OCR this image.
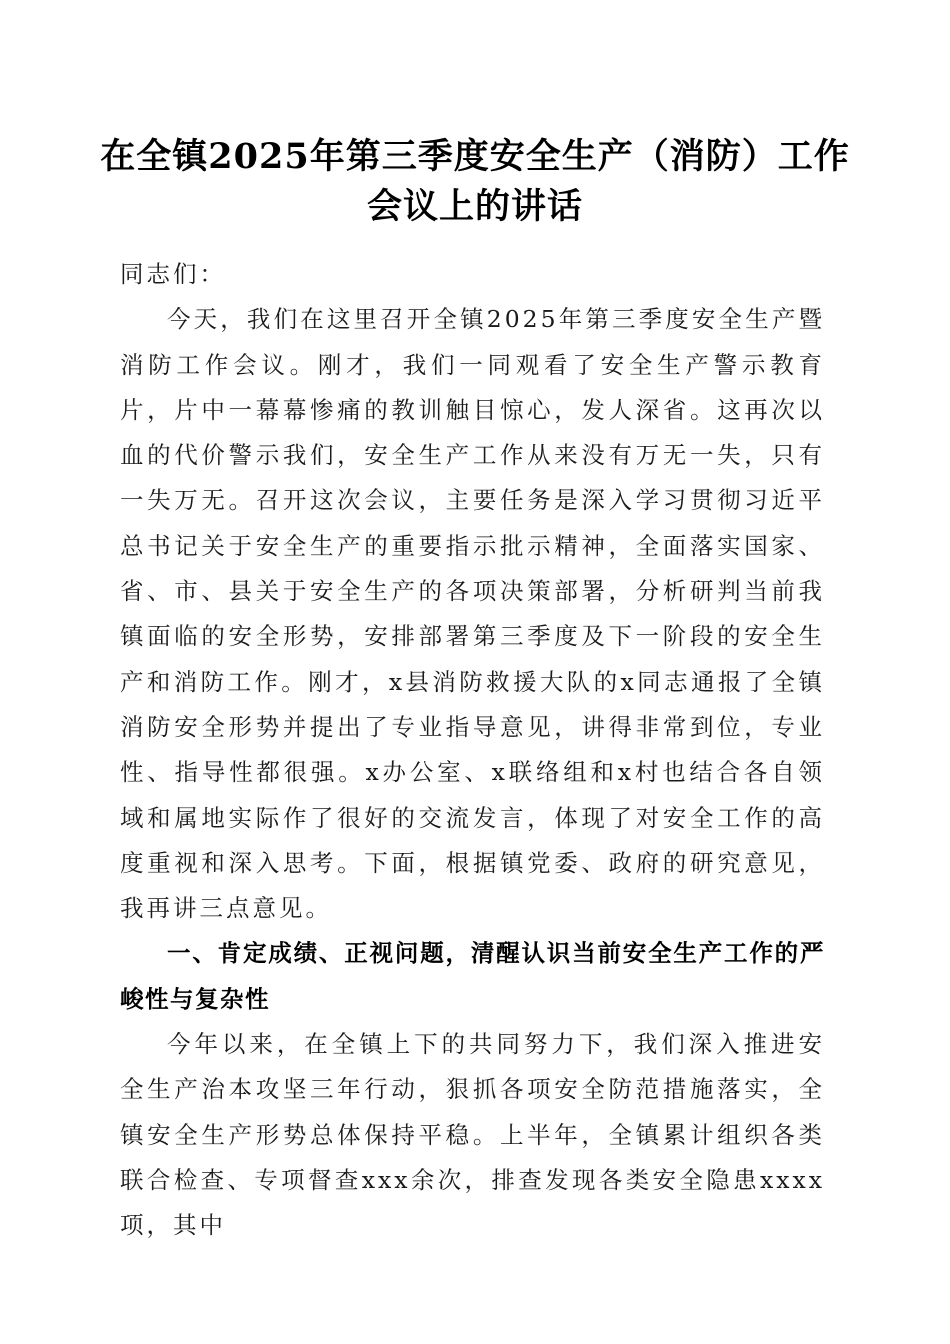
在全镇2025年第三季度安全生产（消防）工作会议上的讲话

同志们：

今天，我们在这里召开全镇2025年第三季度安全生产暨消防工作会议。刚才，我们一同观看了安全生产警示教育片，片中一幕幕惨痛的教训触目惊心，发人深省。这再次以血的代价警示我们，安全生产工作从来没有万无一失，只有一失万无。召开这次会议，主要任务是深入学习贯彻习近平总书记关于安全生产的重要指示批示精神，全面落实国家、省、市、县关于安全生产的各项决策部署，分析研判当前我镇面临的安全形势，安排部署第三季度及下一阶段的安全生产和消防工作。刚才，x县消防救援大队的x同志通报了全镇消防安全形势并提出了专业指导意见，讲得非常到位，专业性、指导性都很强。x办公室、x联络组和x村也结合各自领域和属地实际作了很好的交流发言，体现了对安全工作的高度重视和深入思考。下面，根据镇党委、政府的研究意见，我再讲三点意见。

一、肯定成绩、正视问题，清醒认识当前安全生产工作的严峻性与复杂性

今年以来，在全镇上下的共同努力下，我们深入推进安全生产治本攻坚三年行动，狠抓各项安全防范措施落实，全镇安全生产形势总体保持平稳。上半年，全镇累计组织各类联合检查、专项督查xxx余次，排查发现各类安全隐患xxxx项，其中
